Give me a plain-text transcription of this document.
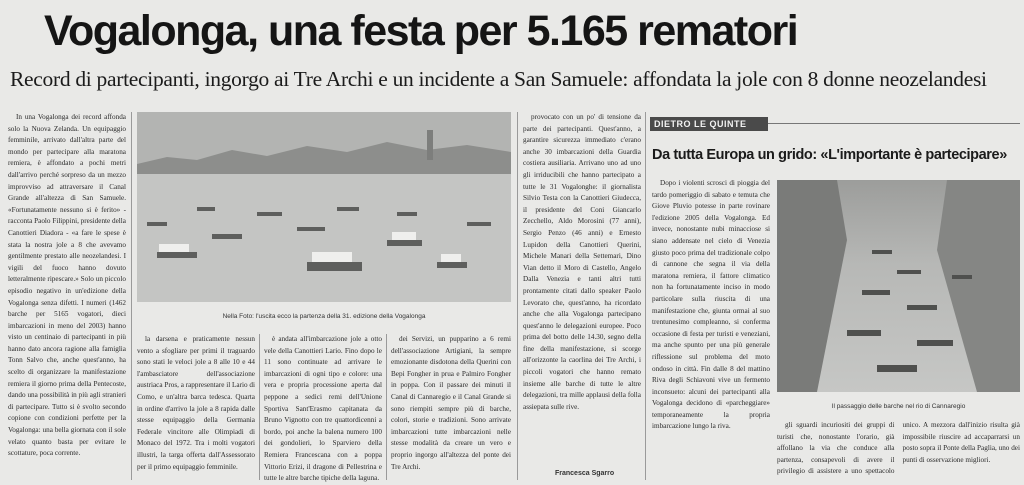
Vogalonga, una festa per 5.165 rematori
Record di partecipanti, ingorgo ai Tre Archi e un incidente a San Samuele: affondata la jole con 8 donne neozelandesi

In una Vogalonga dei record affonda solo la Nuova Zelanda. Un equipaggio femminile, arrivato dall'altra parte del mondo per partecipare alla maratona remiera, è affondato a pochi metri dall'arrivo perché sorpreso da un mezzo improvviso ad attraversare il Canal Grande all'altezza di San Samuele. «Fortunatamente nessuno si è ferito» - racconta Paolo Filippini, presidente della Canottieri Diadora - «a fare le spese è stata la nostra jole a 8 che avevamo gentilmente prestato alle neozelandesi. I vigili del fuoco hanno dovuto letteralmente ripescare.» Solo un piccolo episodio negativo in un'edizione della Vogalonga senza difetti. I numeri (1462 barche per 5165 vogatori, dieci imbarcazioni in meno del 2003) hanno visto un centinaio di partecipanti in più hanno dato ancora ragione alla famiglia Tonn Salvo che, anche quest'anno, ha scelto di organizzare la manifestazione remiera il giorno prima della Pentecoste, dando una possibilità in più agli stranieri di partecipare. Tutto si è svolto secondo copione con condizioni perfette per la Vogalonga: una bella giornata con il sole velato quanto basta per evitare le scottature, poca corrente.

Nella Foto: l'uscita ecco la partenza della 31. edizione della Vogalonga

la darsena e praticamente nessun vento a sfogliare per primi il traguardo sono stati le veloci jole a 8 alle 10 e 44 l'ambasciatore dell'associazione austriaca Pros, a rappresentare il Lario di Como, e un'altra barca tedesca. Quarta in ordine d'arrivo la jole a 8 rapida dalle stesse equipaggio della Germania Federale vincitore alle Olimpiadi di Monaco del 1972. Tra i molti vogatori illustri, la targa offerta dall'Assessorato per il primo equipaggio femminile.

è andata all'imbarcazione jole a otto vele della Canottieri Lario. Fino dopo le 11 sono continuate ad arrivare le imbarcazioni di ogni tipo e colore: una vera e propria processione aperta dal peppone a sedici remi dell'Unione Sportiva Sant'Erasmo capitanata da Bruno Vignotto con tre quattordicenni a bordo, poi anche la balena numero 100 dei gondolieri, lo Sparviero della Remiera Francescana con a poppa Vittorio Erizi, il dragone di Pellestrina e tutte le altre barche tipiche della laguna.

dei Servizi, un pupparino a 6 remi dell'associazione Artigiani, la sempre emozionante disdotona della Querini con Bepi Fongher in prua e Palmiro Fongher in poppa. Con il passare dei minuti il Canal di Cannaregio e il Canal Grande si sono riempiti sempre più di barche, colori, storie e tradizioni. Sono arrivate imbarcazioni tutte imbarcazioni nelle stesse modalità da creare un vero e proprio ingorgo all'altezza del ponte dei Tre Archi.

provocato con un po' di tensione da parte dei partecipanti. Quest'anno, a garantire sicurezza immediato c'erano anche 30 imbarcazioni della Guardia costiera ausiliaria. Arrivano uno ad uno gli irriducibili che hanno partecipato a tutte le 31 Vogalonghe: il giornalista Silvio Testa con la Canottieri Giudecca, il presidente del Coni Giancarlo Zecchello, Aldo Morosini (77 anni), Sergio Penzo (46 anni) e Ernesto Lupidon della Canottieri Querini, Michele Manari della Settemari, Dino Vian detto il Moro di Castello, Angelo Dalla Venezia e tanti altri tutti prontamente citati dallo speaker Paolo Levorato che, quest'anno, ha ricordato anche che alla Vogalonga partecipano quest'anno le delegazioni europee. Poco prima del botto delle 14.30, segno della fine della manifestazione, si scorge all'orizzonte la caorlina dei Tre Archi, i piccoli vogatori che hanno remato insieme alle barche di tutte le altre delegazioni, tra mille applausi della folla assiepata sulle rive.

Francesca Sgarro
DIETRO LE QUINTE
Da tutta Europa un grido: «L'importante è partecipare»

Dopo i violenti scrosci di pioggia del tardo pomeriggio di sabato e temuta che Giove Pluvio potesse in parte rovinare l'edizione 2005 della Vogalonga. Ed invece, nonostante nubi minacciose si siano addensate nel cielo di Venezia giusto poco prima del tradizionale colpo di cannone che segna il via della maratona remiera, il fattore climatico non ha fortunatamente inciso in modo particolare sulla riuscita di una manifestazione che, giunta ormai al suo trentunesimo compleanno, si conferma occasione di festa per turisti e veneziani, ma anche spunto per una più generale riflessione sul problema del moto ondoso in città. Fin dalle 8 del mattino Riva degli Schiavoni vive un fermento inconsueto: alcuni dei partecipanti alla Vogalonga decidono di «parcheggiare» temporaneamente la propria imbarcazione lungo la riva.

Il passaggio delle barche nel rio di Cannaregio

gli sguardi incuriositi dei gruppi di turisti che, nonostante l'orario, già affollano la via che conduce alla partenza, consapevoli di avere il privilegio di assistere a uno spettacolo unico. A mezzora dall'inizio risulta già impossibile riuscire ad accaparrarsi un posto sopra il Ponte della Paglia, uno dei punti di osservazione migliori.
